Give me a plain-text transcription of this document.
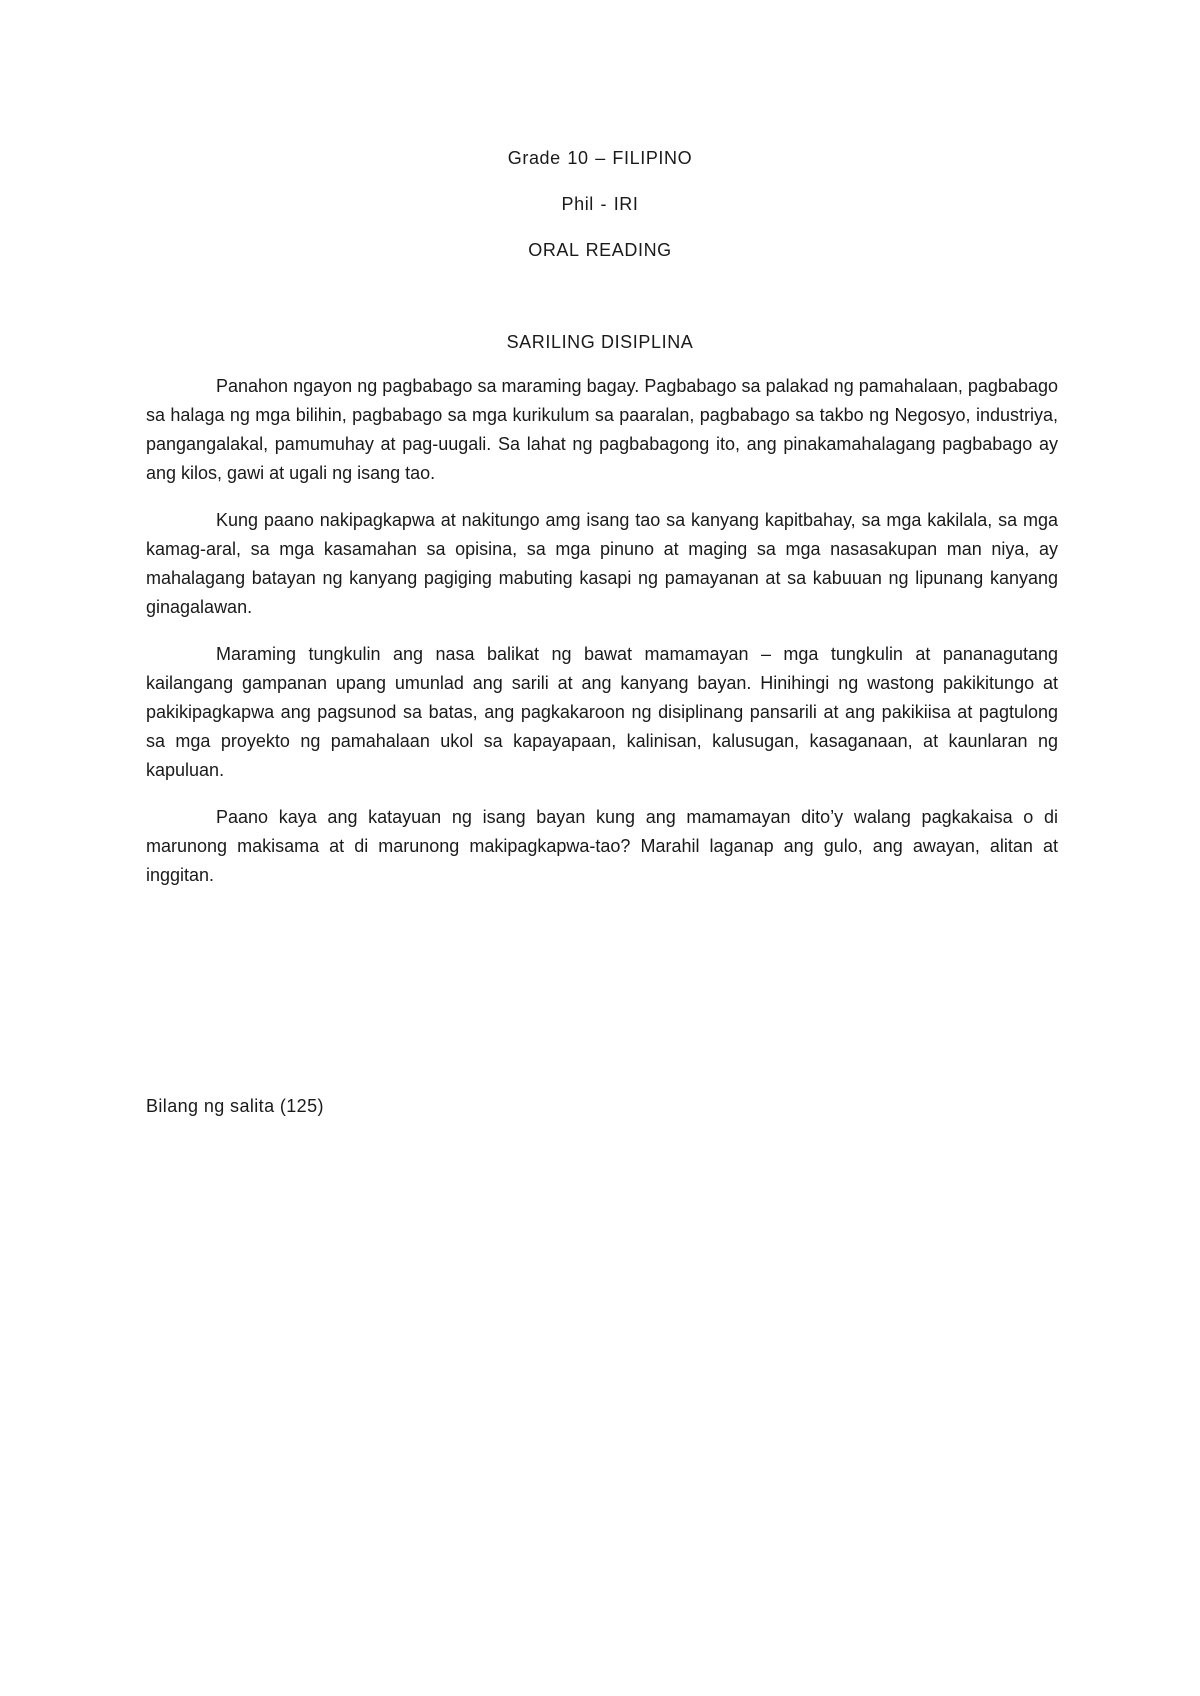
Grade 10 – FILIPINO
Phil - IRI
ORAL READING
SARILING DISIPLINA

Panahon ngayon ng pagbabago sa maraming bagay. Pagbabago sa palakad ng pamahalaan, pagbabago sa halaga ng mga bilihin, pagbabago sa mga kurikulum sa paaralan, pagbabago sa takbo ng Negosyo, industriya, pangangalakal, pamumuhay at pag-uugali. Sa lahat ng pagbabagong ito, ang pinakamahalagang pagbabago ay ang kilos, gawi at ugali ng isang tao.

Kung paano nakipagkapwa at nakitungo amg isang tao sa kanyang kapitbahay, sa mga kakilala, sa mga kamag-aral, sa mga kasamahan sa opisina, sa mga pinuno at maging sa mga nasasakupan man niya, ay mahalagang batayan ng kanyang pagiging mabuting kasapi ng pamayanan at sa kabuuan ng lipunang kanyang ginagalawan.

Maraming tungkulin ang nasa balikat ng bawat mamamayan – mga tungkulin at pananagutang kailangang gampanan upang umunlad ang sarili at ang kanyang bayan. Hinihingi ng wastong pakikitungo at pakikipagkapwa ang pagsunod sa batas, ang pagkakaroon ng disiplinang pansarili at ang pakikiisa at pagtulong sa mga proyekto ng pamahalaan ukol sa kapayapaan, kalinisan, kalusugan, kasaganaan, at kaunlaran ng kapuluan.

Paano kaya ang katayuan ng isang bayan kung ang mamamayan dito’y walang pagkakaisa o di marunong makisama at di marunong makipagkapwa-tao? Marahil laganap ang gulo, ang awayan, alitan at inggitan.

Bilang ng salita (125)
